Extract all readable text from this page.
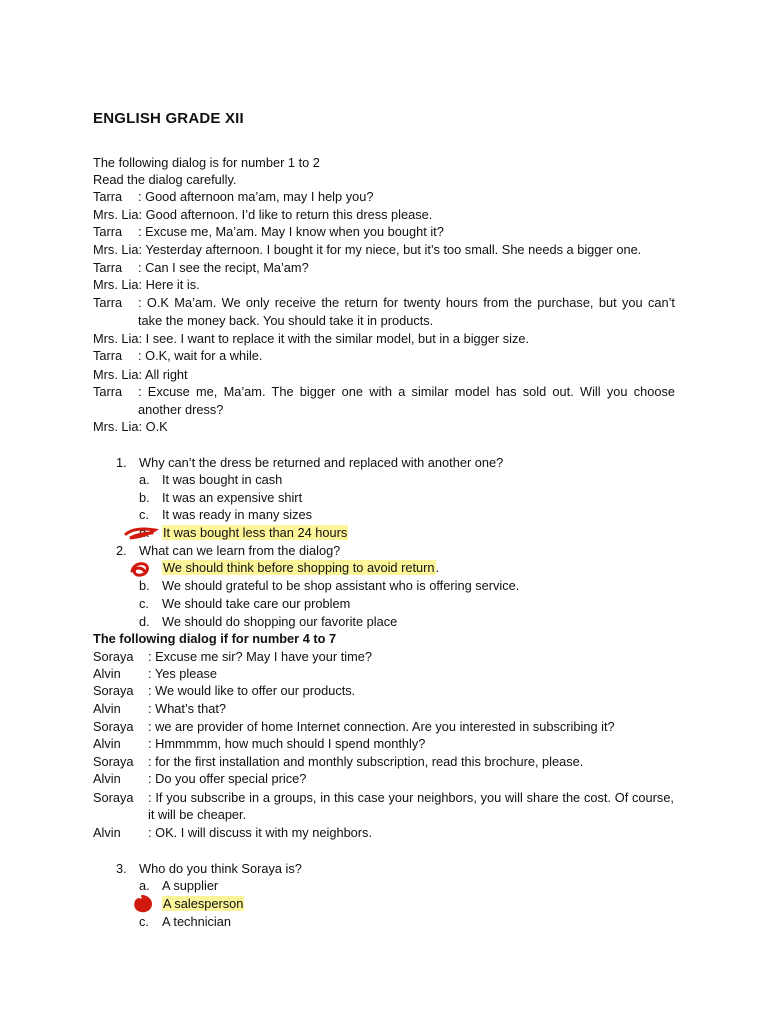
ENGLISH GRADE XII
The following dialog is for number 1 to 2
Read the dialog carefully.
Tarra : Good afternoon ma’am, may I help you?
Mrs. Lia: Good afternoon. I’d like to return this dress please.
Tarra : Excuse me, Ma’am. May I know when you bought it?
Mrs. Lia: Yesterday afternoon. I bought it for my niece, but it’s too small. She needs a bigger one.
Tarra : Can I see the recipt, Ma’am?
Mrs. Lia: Here it is.
Tarra	: O.K Ma’am. We only receive the return for twenty hours from the purchase, but you can’t
take the money back. You should take it in products.
Mrs. Lia: I see. I want to replace it with the similar model, but in a bigger size.
Tarra : O.K, wait for a while.
Mrs. Lia: All right
Tarra	: Excuse me, Ma’am. The bigger one with a similar model has sold out. Will you choose
another dress?
Mrs. Lia: O.K
1. Why can’t the dress be returned and replaced with another one?
a. It was bought in cash
b. It was an expensive shirt
c. It was ready in many sizes
d. It was bought less than 24 hours
2. What can we learn from the dialog?
We should think before shopping to avoid return.
b. We should grateful to be shop assistant who is offering service.
c. We should take care our problem
d. We should do shopping our favorite place
The following dialog if for number 4 to 7
Soraya : Excuse me sir? May I have your time?
Alvin : Yes please
Soraya : We would like to offer our products.
Alvin : What’s that?
Soraya : we are provider of home Internet connection. Are you interested in subscribing it?
Alvin : Hmmmmm, how much should I spend monthly?
Soraya : for the first installation and monthly subscription, read this brochure, please.
Alvin : Do you offer special price?
Soraya	: If you subscribe in a groups, in this case your neighbors, you will share the cost. Of course,
it will be cheaper.
Alvin : OK. I will discuss it with my neighbors.
3. Who do you think Soraya is?
a. A supplier
A salesperson
c. A technician
